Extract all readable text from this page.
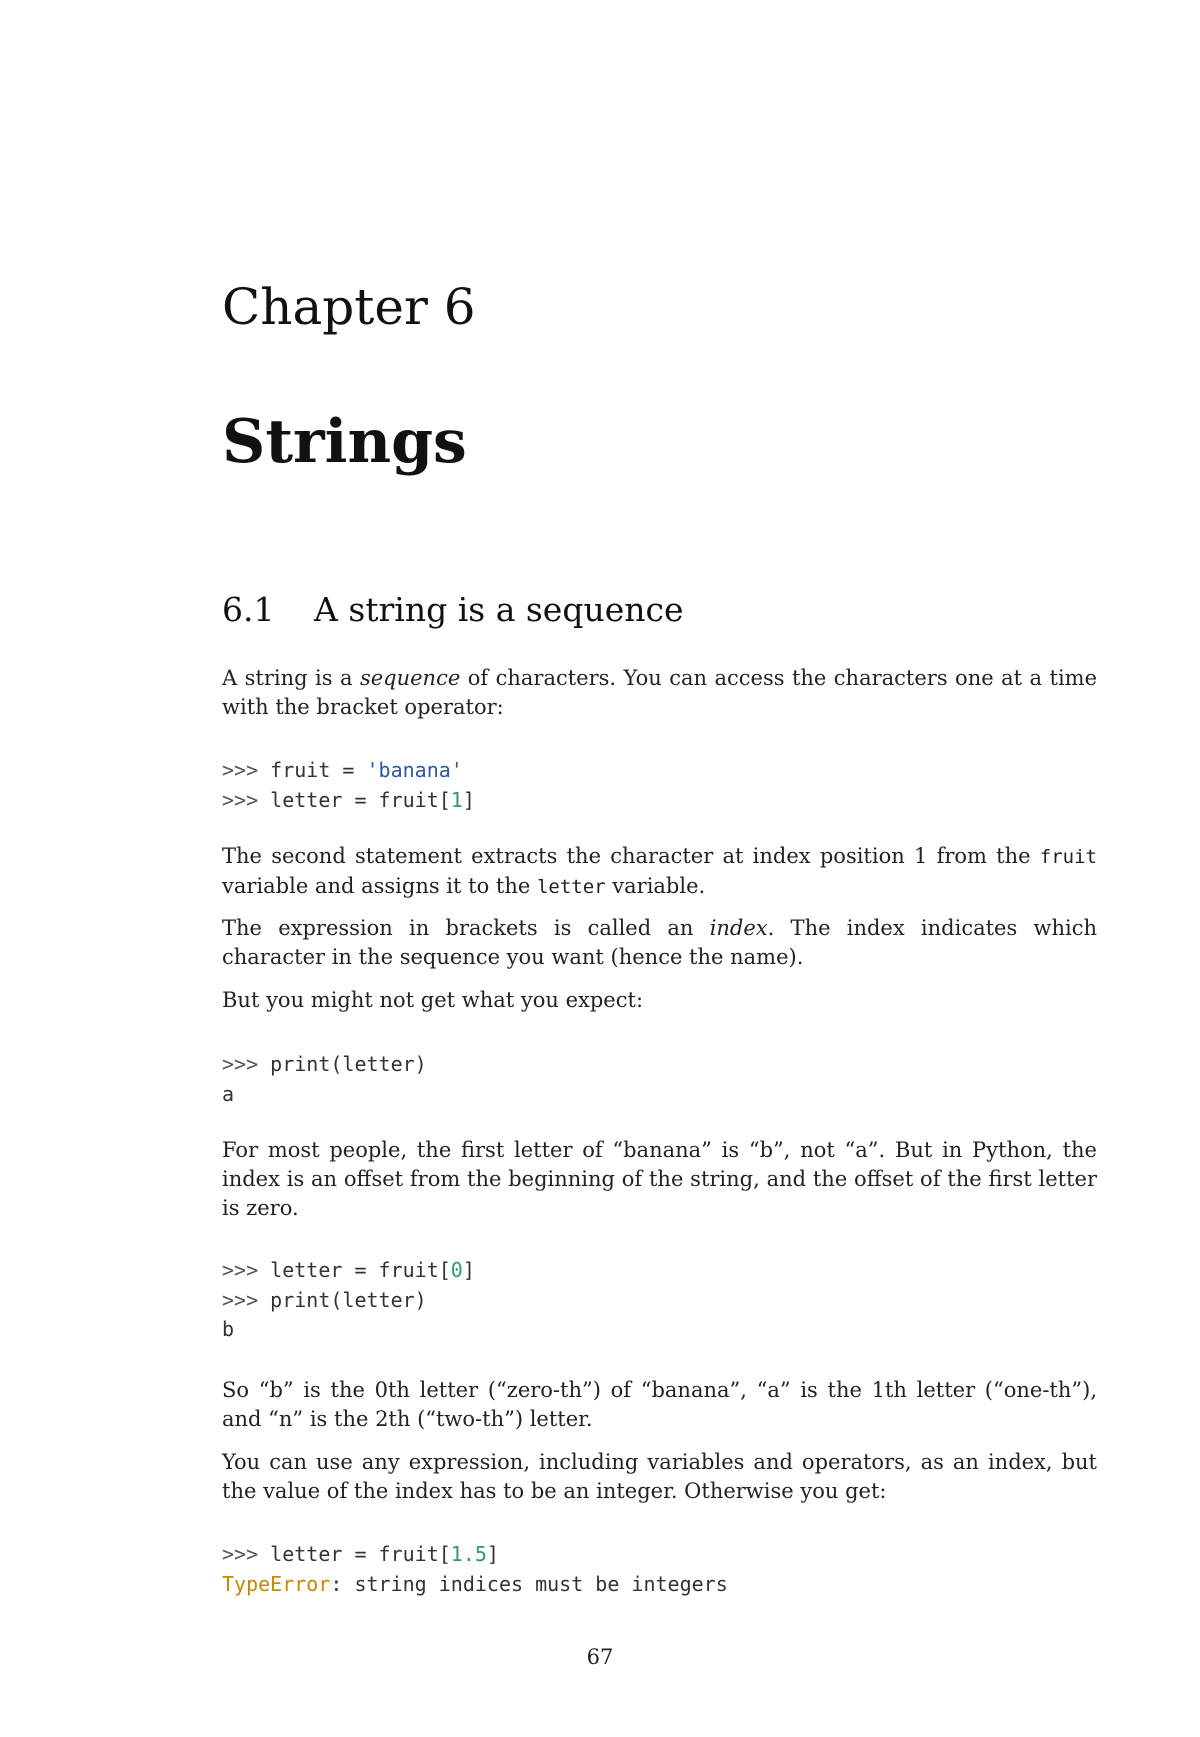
Chapter 6
Strings
6.1 A string is a sequence

A string is a sequence of characters. You can access the characters one at a time with the bracket operator:

>>> fruit = 'banana'
>>> letter = fruit[1]

The second statement extracts the character at index position 1 from the fruit variable and assigns it to the letter variable.

The expression in brackets is called an index. The index indicates which character in the sequence you want (hence the name).

But you might not get what you expect:

>>> print(letter)
a

For most people, the first letter of “banana” is “b”, not “a”. But in Python, the index is an offset from the beginning of the string, and the offset of the first letter is zero.

>>> letter = fruit[0]
>>> print(letter)
b

So “b” is the 0th letter (“zero-th”) of “banana”, “a” is the 1th letter (“one-th”), and “n” is the 2th (“two-th”) letter.

You can use any expression, including variables and operators, as an index, but the value of the index has to be an integer. Otherwise you get:

>>> letter = fruit[1.5]
TypeError: string indices must be integers
67
